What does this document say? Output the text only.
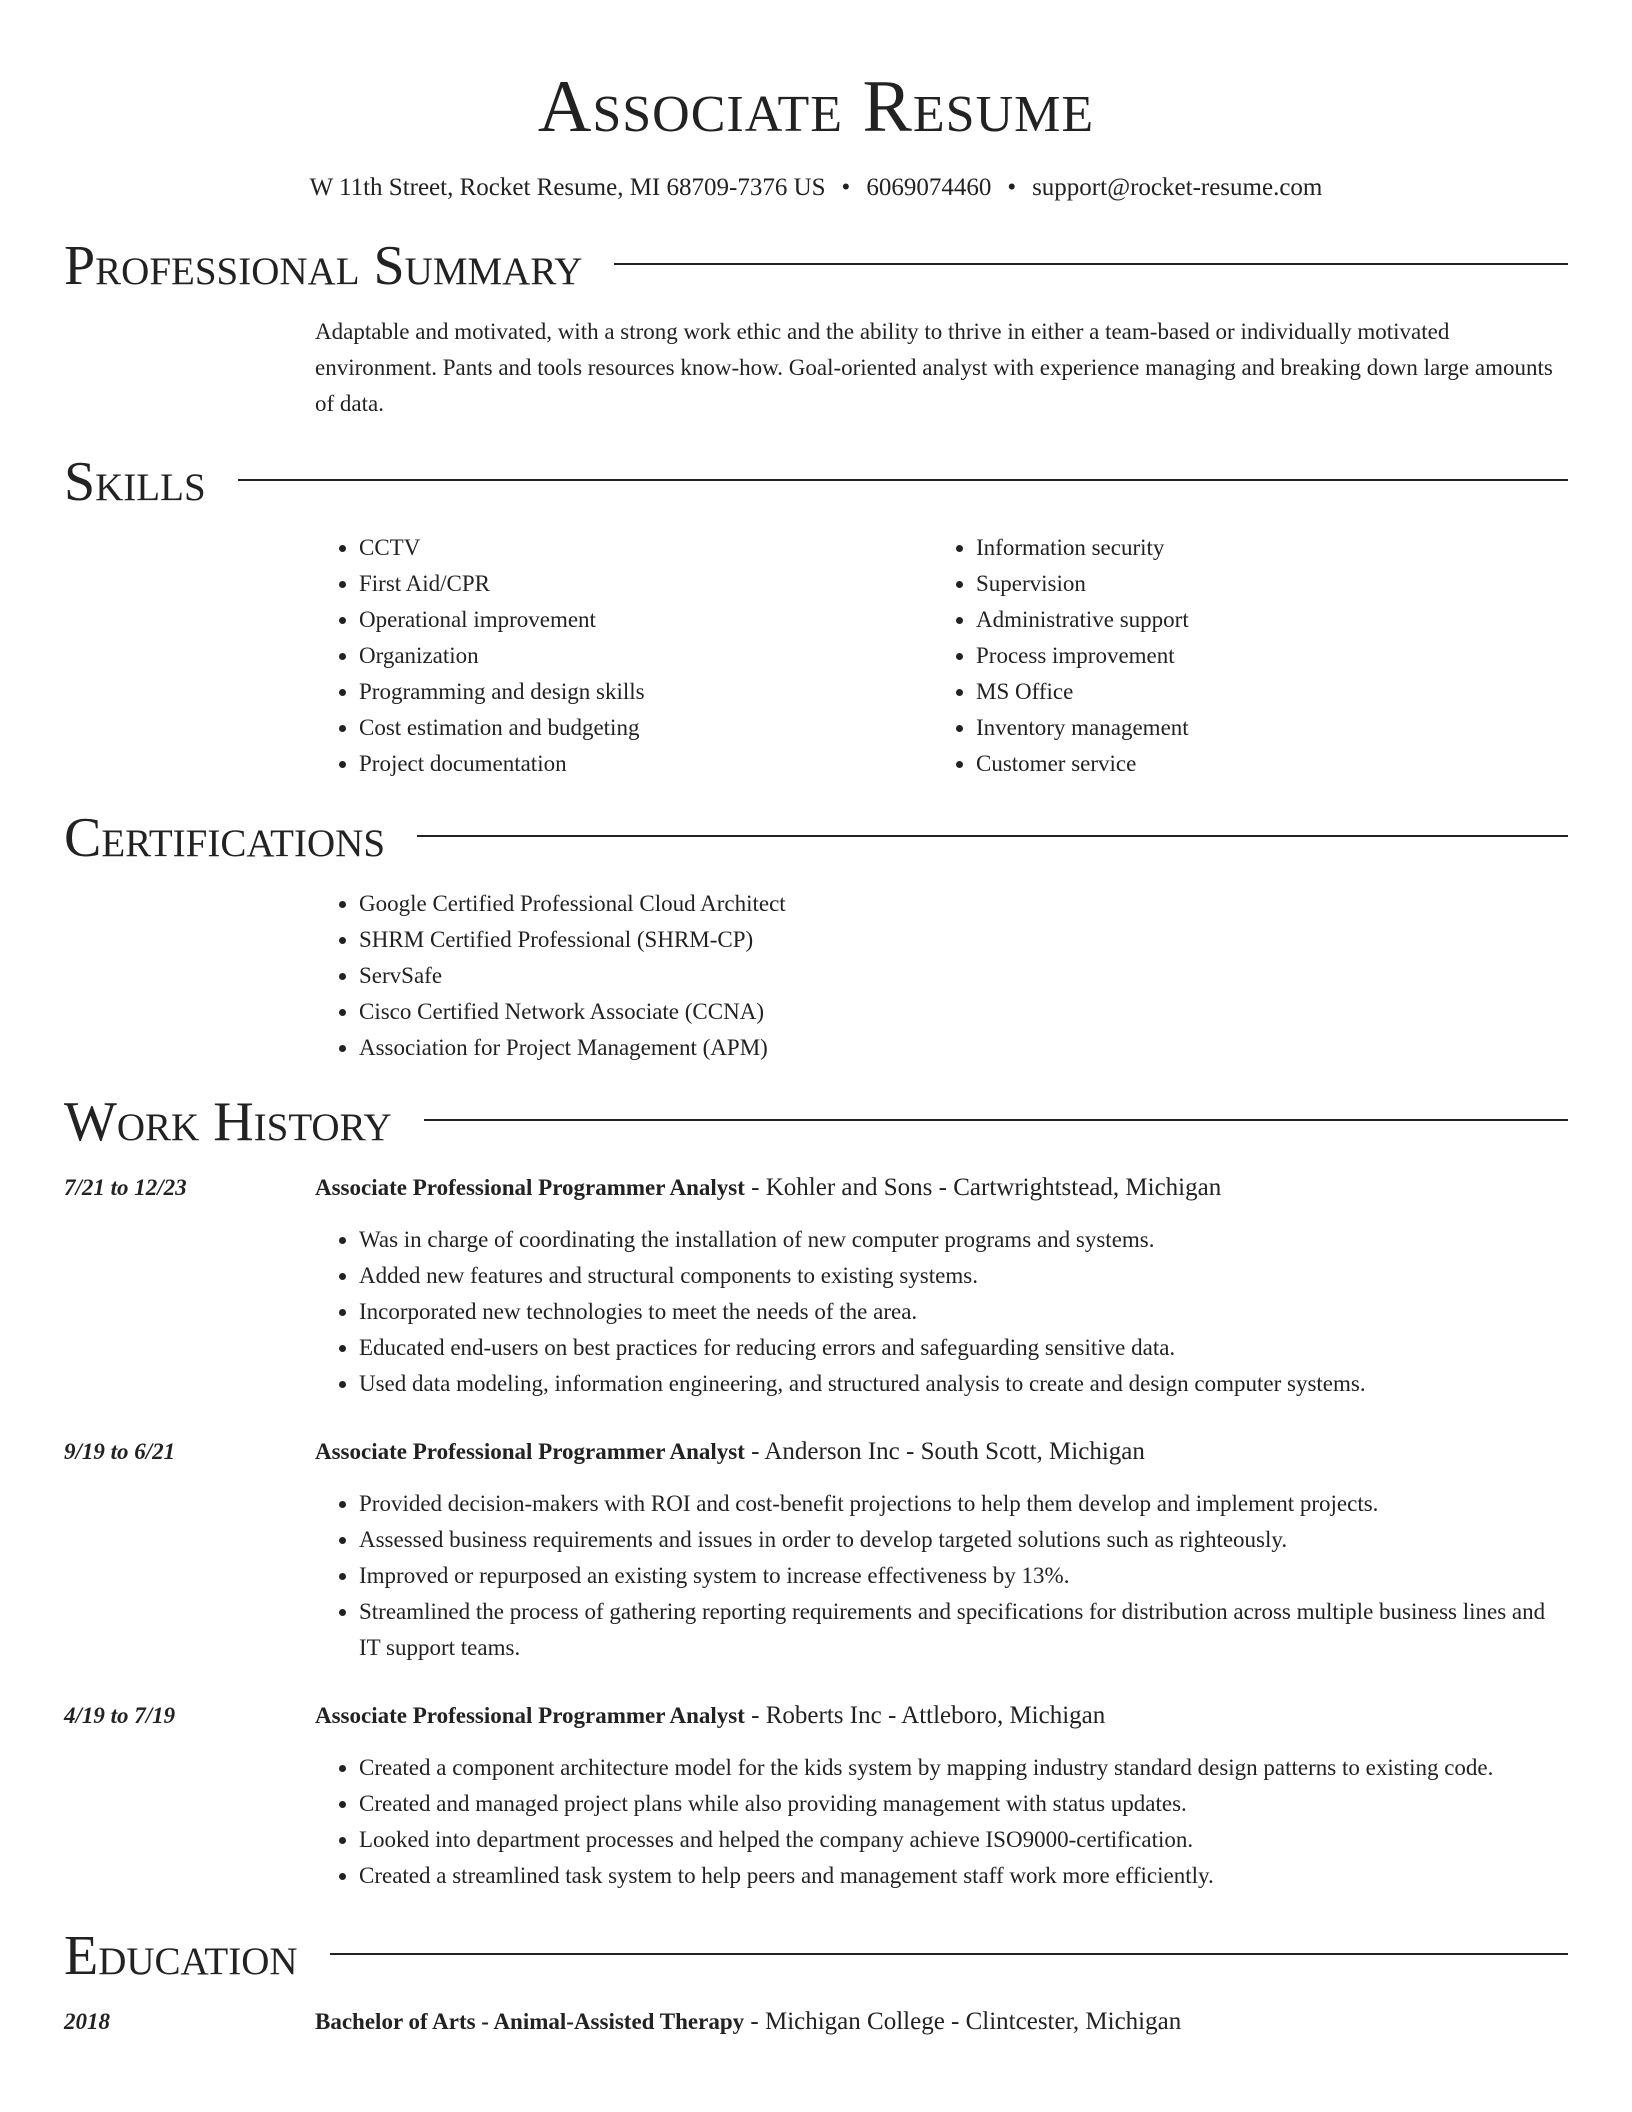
Associate Resume
W 11th Street, Rocket Resume, MI 68709-7376 US • 6069074460 • support@rocket-resume.com
Professional Summary
Adaptable and motivated, with a strong work ethic and the ability to thrive in either a team-based or individually motivated environment. Pants and tools resources know-how. Goal-oriented analyst with experience managing and breaking down large amounts of data.
Skills
• CCTV
• First Aid/CPR
• Operational improvement
• Organization
• Programming and design skills
• Cost estimation and budgeting
• Project documentation
• Information security
• Supervision
• Administrative support
• Process improvement
• MS Office
• Inventory management
• Customer service
Certifications
• Google Certified Professional Cloud Architect
• SHRM Certified Professional (SHRM-CP)
• ServSafe
• Cisco Certified Network Associate (CCNA)
• Association for Project Management (APM)
Work History
7/21 to 12/23	Associate Professional Programmer Analyst - Kohler and Sons - Cartwrightstead, Michigan
• Was in charge of coordinating the installation of new computer programs and systems.
• Added new features and structural components to existing systems.
• Incorporated new technologies to meet the needs of the area.
• Educated end-users on best practices for reducing errors and safeguarding sensitive data.
• Used data modeling, information engineering, and structured analysis to create and design computer systems.
9/19 to 6/21	Associate Professional Programmer Analyst - Anderson Inc - South Scott, Michigan
• Provided decision-makers with ROI and cost-benefit projections to help them develop and implement projects.
• Assessed business requirements and issues in order to develop targeted solutions such as righteously.
• Improved or repurposed an existing system to increase effectiveness by 13%.
• Streamlined the process of gathering reporting requirements and specifications for distribution across multiple business lines and IT support teams.
4/19 to 7/19	Associate Professional Programmer Analyst - Roberts Inc - Attleboro, Michigan
• Created a component architecture model for the kids system by mapping industry standard design patterns to existing code.
• Created and managed project plans while also providing management with status updates.
• Looked into department processes and helped the company achieve ISO9000-certification.
• Created a streamlined task system to help peers and management staff work more efficiently.
Education
2018	Bachelor of Arts - Animal-Assisted Therapy - Michigan College - Clintcester, Michigan
